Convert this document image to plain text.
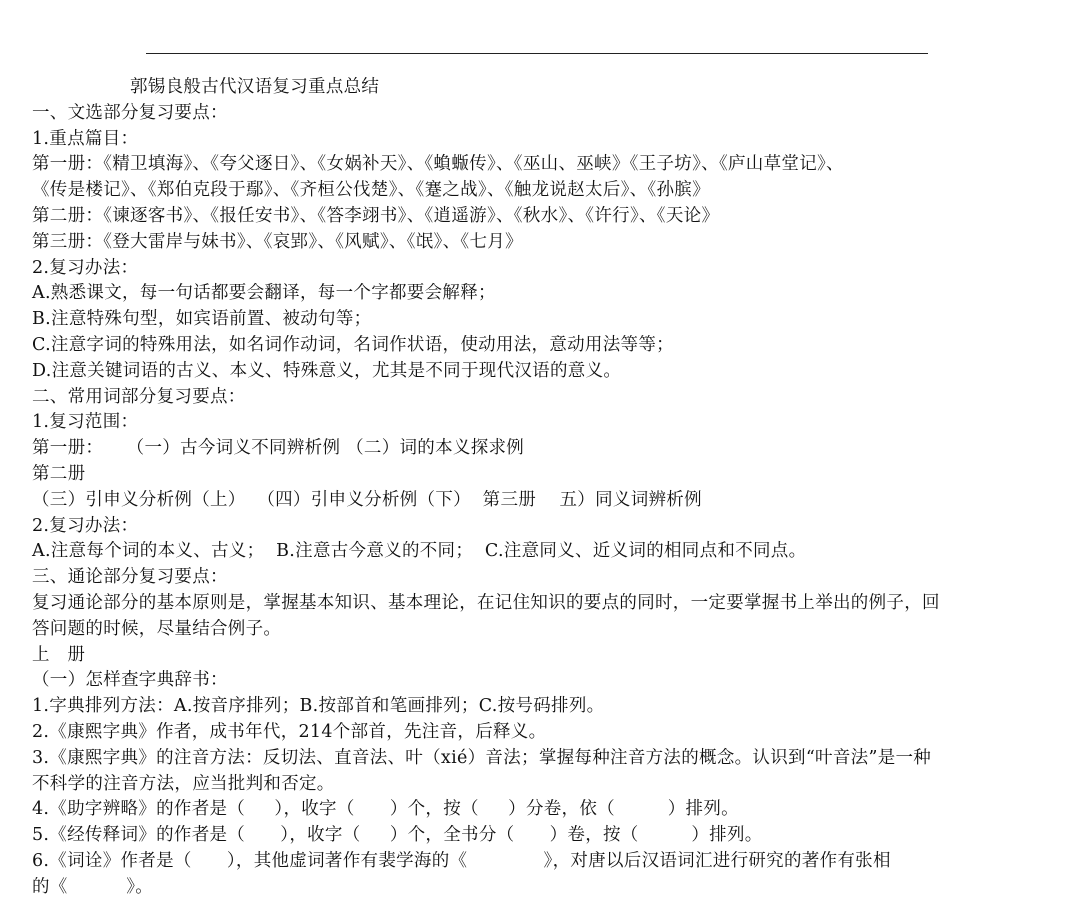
郭锡良般古代汉语复习重点总结
一、文选部分复习要点：
1.重点篇目：
第一册：《精卫填海》、《夸父逐日》、《女娲补天》、《蝜蝂传》、《巫山、巫峡》《王子坊》、《庐山草堂记》、
《传是楼记》、《郑伯克段于鄢》、《齐桓公伐楚》、《蹇之战》、《触龙说赵太后》、《孙膑》
第二册：《谏逐客书》、《报任安书》、《答李翊书》、《逍遥游》、《秋水》、《许行》、《天论》
第三册：《登大雷岸与妹书》、《哀郢》、《风赋》、《氓》、《七月》
2.复习办法：
A.熟悉课文，每一句话都要会翻译，每一个字都要会解释；
B.注意特殊句型，如宾语前置、被动句等；
C.注意字词的特殊用法，如名词作动词，名词作状语，使动用法，意动用法等等；
D.注意关键词语的古义、本义、特殊意义，尤其是不同于现代汉语的意义。
二、常用词部分复习要点：
1.复习范围：
第一册：    （一）古今词义不同辨析例 （二）词的本义探求例
第二册
（三）引申义分析例（上）  （四）引申义分析例（下）  第三册    五）同义词辨析例
2.复习办法：
A.注意每个词的本义、古义；  B.注意古今意义的不同；  C.注意同义、近义词的相同点和不同点。
三、通论部分复习要点：
复习通论部分的基本原则是，掌握基本知识、基本理论，在记住知识的要点的同时，一定要掌握书上举出的例子，回
答问题的时候，尽量结合例子。
上   册
（一）怎样查字典辞书：
1.字典排列方法：A.按音序排列；B.按部首和笔画排列；C.按号码排列。
2.《康熙字典》作者，成书年代，214个部首，先注音，后释义。
3.《康熙字典》的注音方法：反切法、直音法、叶（xié）音法；掌握每种注音方法的概念。认识到“叶音法”是一种
不科学的注音方法，应当批判和否定。
4.《助字辨略》的作者是（     ），收字（      ）个，按（     ）分卷，依（         ）排列。
5.《经传释词》的作者是（      ），收字（     ）个，全书分（      ）卷，按（         ）排列。
6.《词诠》作者是（      ），其他虚词著作有裴学海的《             》，对唐以后汉语词汇进行研究的著作有张相
的《          》。
